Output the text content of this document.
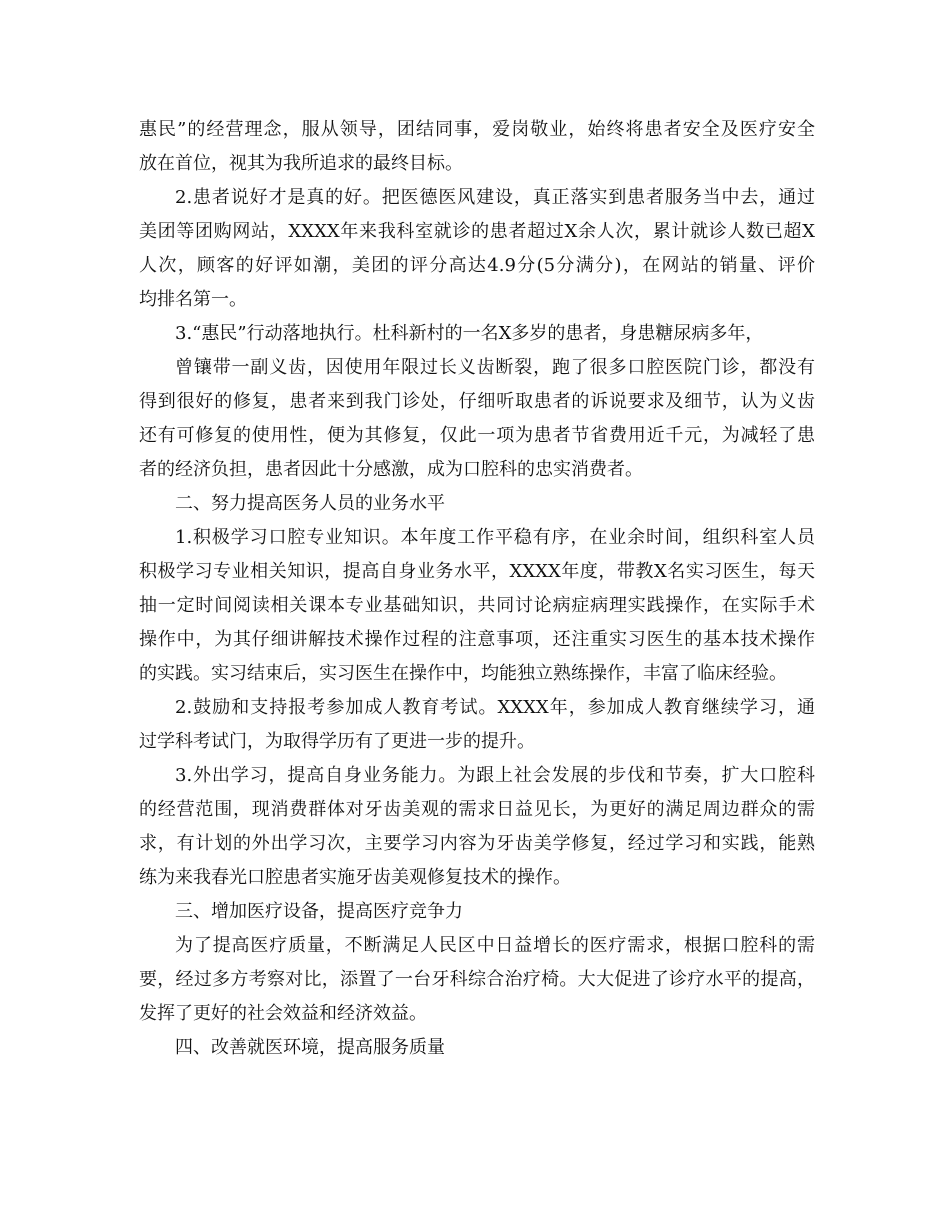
惠民”的经营理念，服从领导，团结同事，爱岗敬业，始终将患者安全及医疗安全
放在首位，视其为我所追求的最终目标。
2.患者说好才是真的好。把医德医风建设，真正落实到患者服务当中去，通过
美团等团购网站，XXXX年来我科室就诊的患者超过X余人次，累计就诊人数已超X
人次，顾客的好评如潮，美团的评分高达4.9分(5分满分)，在网站的销量、评价
均排名第一。
3.“惠民”行动落地执行。杜科新村的一名X多岁的患者，身患糖尿病多年，
曾镶带一副义齿，因使用年限过长义齿断裂，跑了很多口腔医院门诊，都没有
得到很好的修复，患者来到我门诊处，仔细听取患者的诉说要求及细节，认为义齿
还有可修复的使用性，便为其修复，仅此一项为患者节省费用近千元，为减轻了患
者的经济负担，患者因此十分感激，成为口腔科的忠实消费者。
二、努力提高医务人员的业务水平
1.积极学习口腔专业知识。本年度工作平稳有序，在业余时间，组织科室人员
积极学习专业相关知识，提高自身业务水平，XXXX年度，带教X名实习医生，每天
抽一定时间阅读相关课本专业基础知识，共同讨论病症病理实践操作，在实际手术
操作中，为其仔细讲解技术操作过程的注意事项，还注重实习医生的基本技术操作
的实践。实习结束后，实习医生在操作中，均能独立熟练操作，丰富了临床经验。
2.鼓励和支持报考参加成人教育考试。XXXX年，参加成人教育继续学习，通
过学科考试门，为取得学历有了更进一步的提升。
3.外出学习，提高自身业务能力。为跟上社会发展的步伐和节奏，扩大口腔科
的经营范围，现消费群体对牙齿美观的需求日益见长，为更好的满足周边群众的需
求，有计划的外出学习次，主要学习内容为牙齿美学修复，经过学习和实践，能熟
练为来我春光口腔患者实施牙齿美观修复技术的操作。
三、增加医疗设备，提高医疗竞争力
为了提高医疗质量，不断满足人民区中日益增长的医疗需求，根据口腔科的需
要，经过多方考察对比，添置了一台牙科综合治疗椅。大大促进了诊疗水平的提高，
发挥了更好的社会效益和经济效益。
四、改善就医环境，提高服务质量
